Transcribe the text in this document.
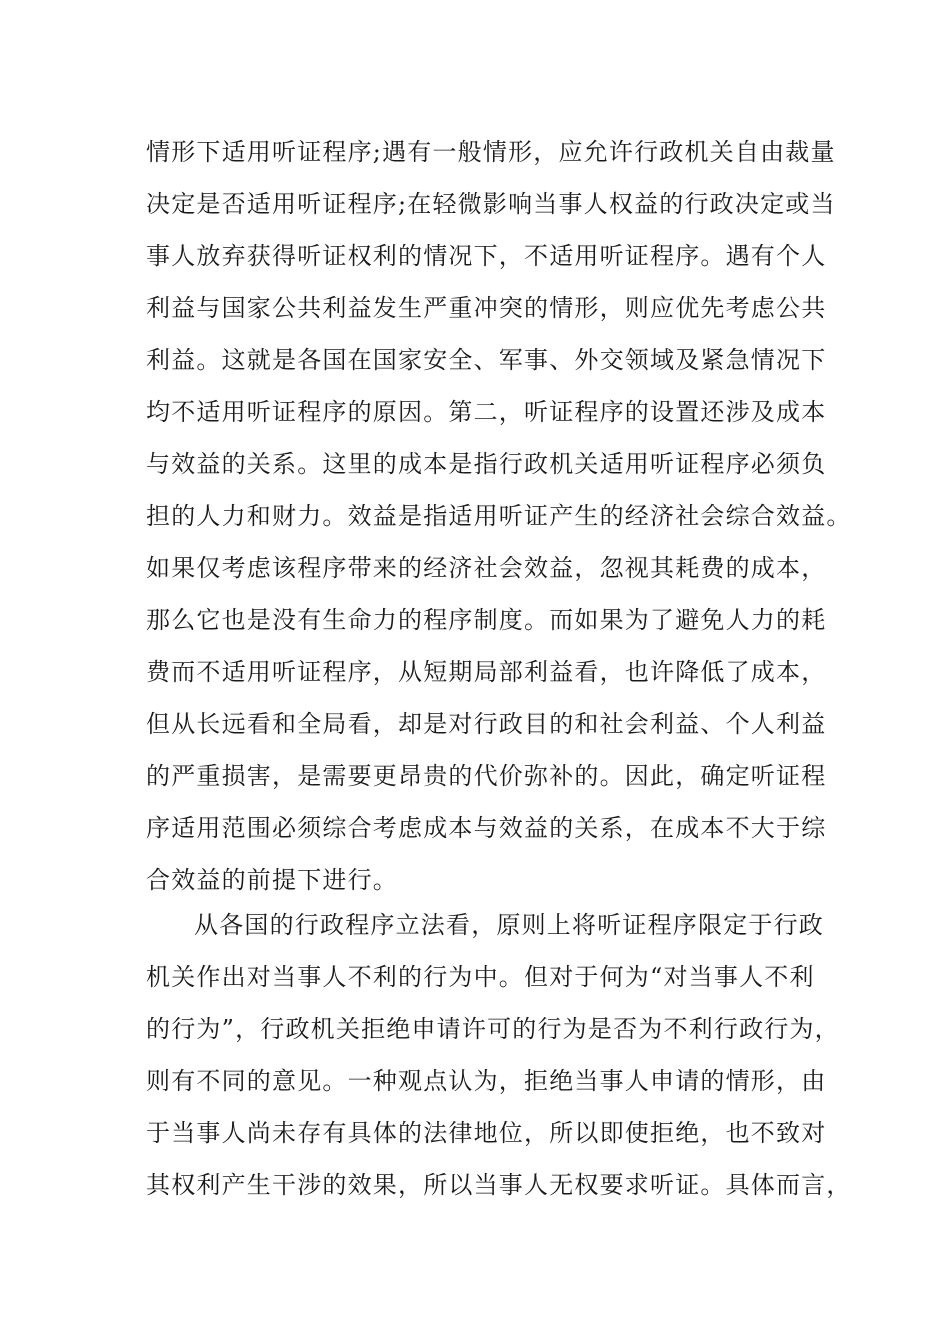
情形下适用听证程序;遇有一般情形，应允许行政机关自由裁量
决定是否适用听证程序;在轻微影响当事人权益的行政决定或当
事人放弃获得听证权利的情况下，不适用听证程序。遇有个人
利益与国家公共利益发生严重冲突的情形，则应优先考虑公共
利益。这就是各国在国家安全、军事、外交领域及紧急情况下
均不适用听证程序的原因。第二，听证程序的设置还涉及成本
与效益的关系。这里的成本是指行政机关适用听证程序必须负
担的人力和财力。效益是指适用听证产生的经济社会综合效益。
如果仅考虑该程序带来的经济社会效益，忽视其耗费的成本，
那么它也是没有生命力的程序制度。而如果为了避免人力的耗
费而不适用听证程序，从短期局部利益看，也许降低了成本，
但从长远看和全局看，却是对行政目的和社会利益、个人利益
的严重损害，是需要更昂贵的代价弥补的。因此，确定听证程
序适用范围必须综合考虑成本与效益的关系，在成本不大于综
合效益的前提下进行。
从各国的行政程序立法看，原则上将听证程序限定于行政
机关作出对当事人不利的行为中。但对于何为“对当事人不利
的行为”，行政机关拒绝申请许可的行为是否为不利行政行为，
则有不同的意见。一种观点认为，拒绝当事人申请的情形，由
于当事人尚未存有具体的法律地位，所以即使拒绝，也不致对
其权利产生干涉的效果，所以当事人无权要求听证。具体而言，
